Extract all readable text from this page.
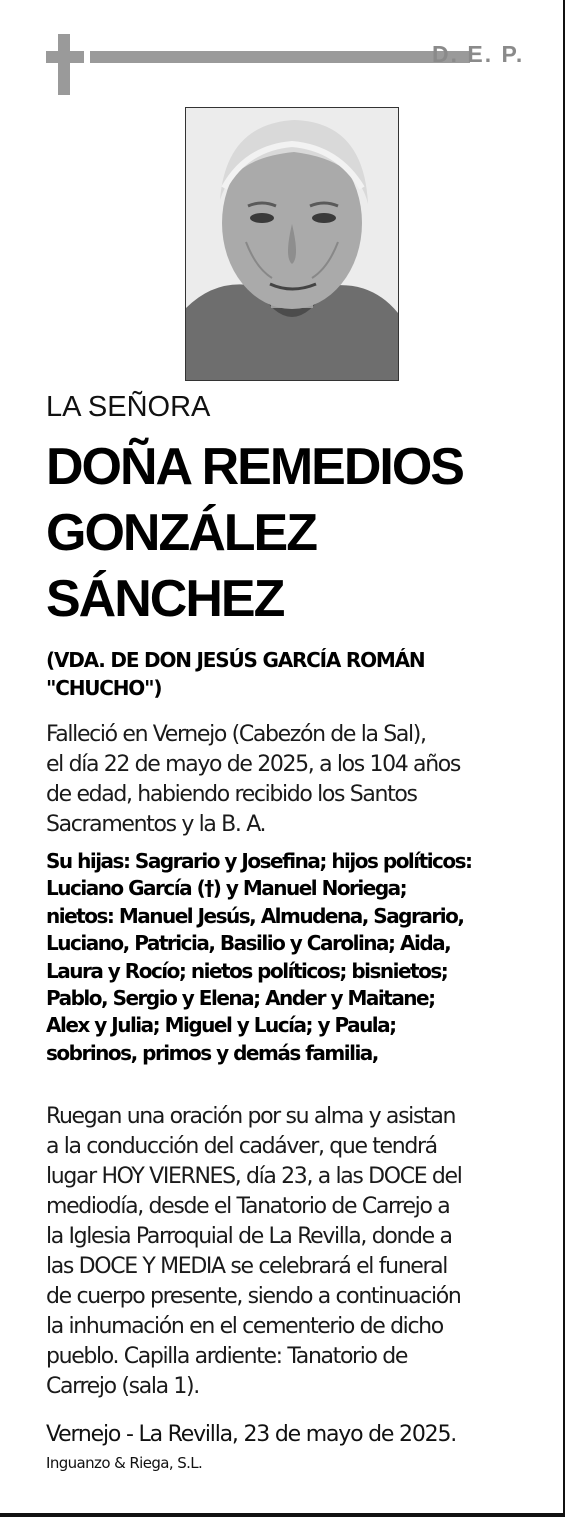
D. E. P.
LA SEÑORA
DOÑA REMEDIOS
GONZÁLEZ
SÁNCHEZ
(VDA. DE DON JESÚS GARCÍA ROMÁN
"CHUCHO")
Falleció en Vernejo (Cabezón de la Sal),
el día 22 de mayo de 2025, a los 104 años
de edad, habiendo recibido los Santos
Sacramentos y la B. A.
Su hijas: Sagrario y Josefina; hijos políticos:
Luciano García (†) y Manuel Noriega;
nietos: Manuel Jesús, Almudena, Sagrario,
Luciano, Patricia, Basilio y Carolina; Aida,
Laura y Rocío; nietos políticos; bisnietos;
Pablo, Sergio y Elena; Ander y Maitane;
Alex y Julia; Miguel y Lucía; y Paula;
sobrinos, primos y demás familia,
Ruegan una oración por su alma y asistan
a la conducción del cadáver, que tendrá
lugar HOY VIERNES, día 23, a las DOCE del
mediodía, desde el Tanatorio de Carrejo a
la Iglesia Parroquial de La Revilla, donde a
las DOCE Y MEDIA se celebrará el funeral
de cuerpo presente, siendo a continuación
la inhumación en el cementerio de dicho
pueblo. Capilla ardiente: Tanatorio de
Carrejo (sala 1).
Vernejo - La Revilla, 23 de mayo de 2025.
Inguanzo & Riega, S.L.
